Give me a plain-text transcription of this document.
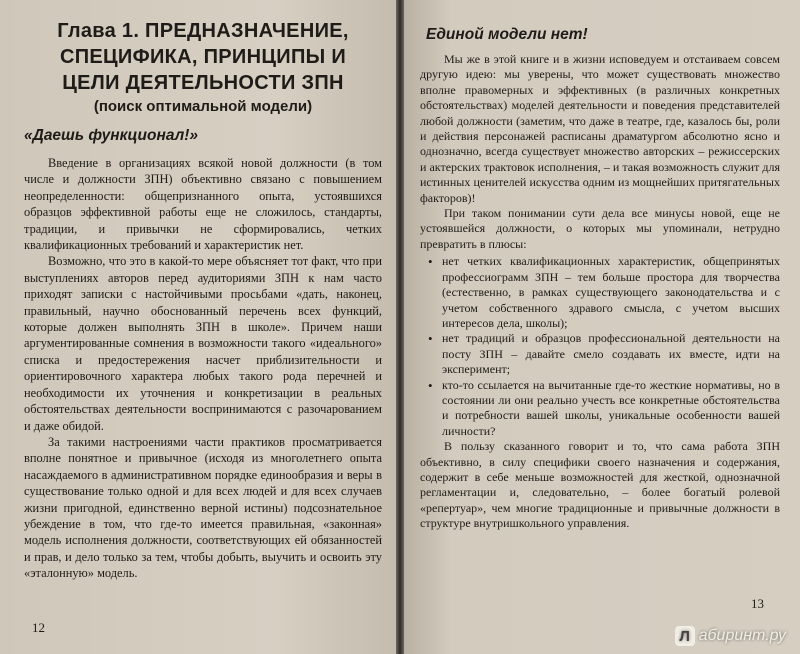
Глава 1. ПРЕДНАЗНАЧЕНИЕ, СПЕЦИФИКА, ПРИНЦИПЫ И ЦЕЛИ ДЕЯТЕЛЬНОСТИ ЗПН
(поиск оптимальной модели)
«Даешь функционал!»

Введение в организациях всякой новой должности (в том числе и должности ЗПН) объективно связано с повышением неопределенности: общепризнанного опыта, устоявшихся образцов эффективной работы еще не сложилось, стандарты, традиции, и привычки не сформировались, четких квалификационных требований и характеристик нет.

Возможно, что это в какой-то мере объясняет тот факт, что при выступлениях авторов перед аудиториями ЗПН к нам часто приходят записки с настойчивыми просьбами «дать, наконец, правильный, научно обоснованный перечень всех функций, которые должен выполнять ЗПН в школе». Причем наши аргументированные сомнения в возможности такого «идеального» списка и предостережения насчет приблизительности и ориентировочного характера любых такого рода перечней и необходимости их уточнения и конкретизации в реальных обстоятельствах деятельности воспринимаются с разочарованием и даже обидой.

За такими настроениями части практиков просматривается вполне понятное и привычное (исходя из многолетнего опыта насаждаемого в административном порядке единообразия и веры в существование только одной и для всех людей и для всех случаев жизни пригодной, единственно верной истины) подсознательное убеждение в том, что где-то имеется правильная, «законная» модель исполнения должности, соответствующих ей обязанностей и прав, и дело только за тем, чтобы добыть, выучить и освоить эту «эталонную» модель.

12
Единой модели нет!

Мы же в этой книге и в жизни исповедуем и отстаиваем совсем другую идею: мы уверены, что может существовать множество вполне правомерных и эффективных (в различных конкретных обстоятельствах) моделей деятельности и поведения представителей любой должности (заметим, что даже в театре, где, казалось бы, роли и действия персонажей расписаны драматургом абсолютно ясно и однозначно, всегда существует множество авторских – режиссерских и актерских трактовок исполнения, – и такая возможность служит для истинных ценителей искусства одним из мощнейших притягательных факторов)!

При таком понимании сути дела все минусы новой, еще не устоявшейся должности, о которых мы упоминали, нетрудно превратить в плюсы:

• нет четких квалификационных характеристик, общепринятых профессиограмм ЗПН – тем больше простора для творчества (естественно, в рамках существующего законодательства и с учетом собственного здравого смысла, с учетом высших интересов дела, школы);
• нет традиций и образцов профессиональной деятельности на посту ЗПН – давайте смело создавать их вместе, идти на эксперимент;
• кто-то ссылается на вычитанные где-то жесткие нормативы, но в состоянии ли они реально учесть все конкретные обстоятельства и потребности вашей школы, уникальные особенности вашей личности?

В пользу сказанного говорит и то, что сама работа ЗПН объективно, в силу специфики своего назначения и содержания, содержит в себе меньше возможностей для жесткой, однозначной регламентации и, следовательно, – более богатый ролевой «репертуар», чем многие традиционные и привычные должности в структуре внутришкольного управления.

13
Л абиринт.ру
